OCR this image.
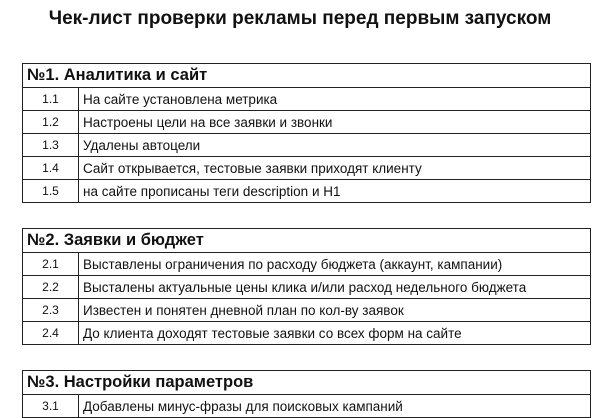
Чек-лист проверки рекламы перед первым запуском
№1. Аналитика и сайт	
1.1	На сайте установлена метрика
1.2	Настроены цели на все заявки и звонки
1.3	Удалены автоцели
1.4	Сайт открывается, тестовые заявки приходят клиенту
1.5	на сайте прописаны теги description и H1
№2. Заявки и бюджет	
2.1	Выставлены ограничения по расходу бюджета (аккаунт, кампании)
2.2	Высталены актуальные цены клика и/или расход недельного бюджета
2.3	Известен и понятен дневной план по кол-ву заявок
2.4	До клиента доходят тестовые заявки со всех форм на сайте
№3. Настройки параметров
3.1	Добавлены минус-фразы для поисковых кампаний
